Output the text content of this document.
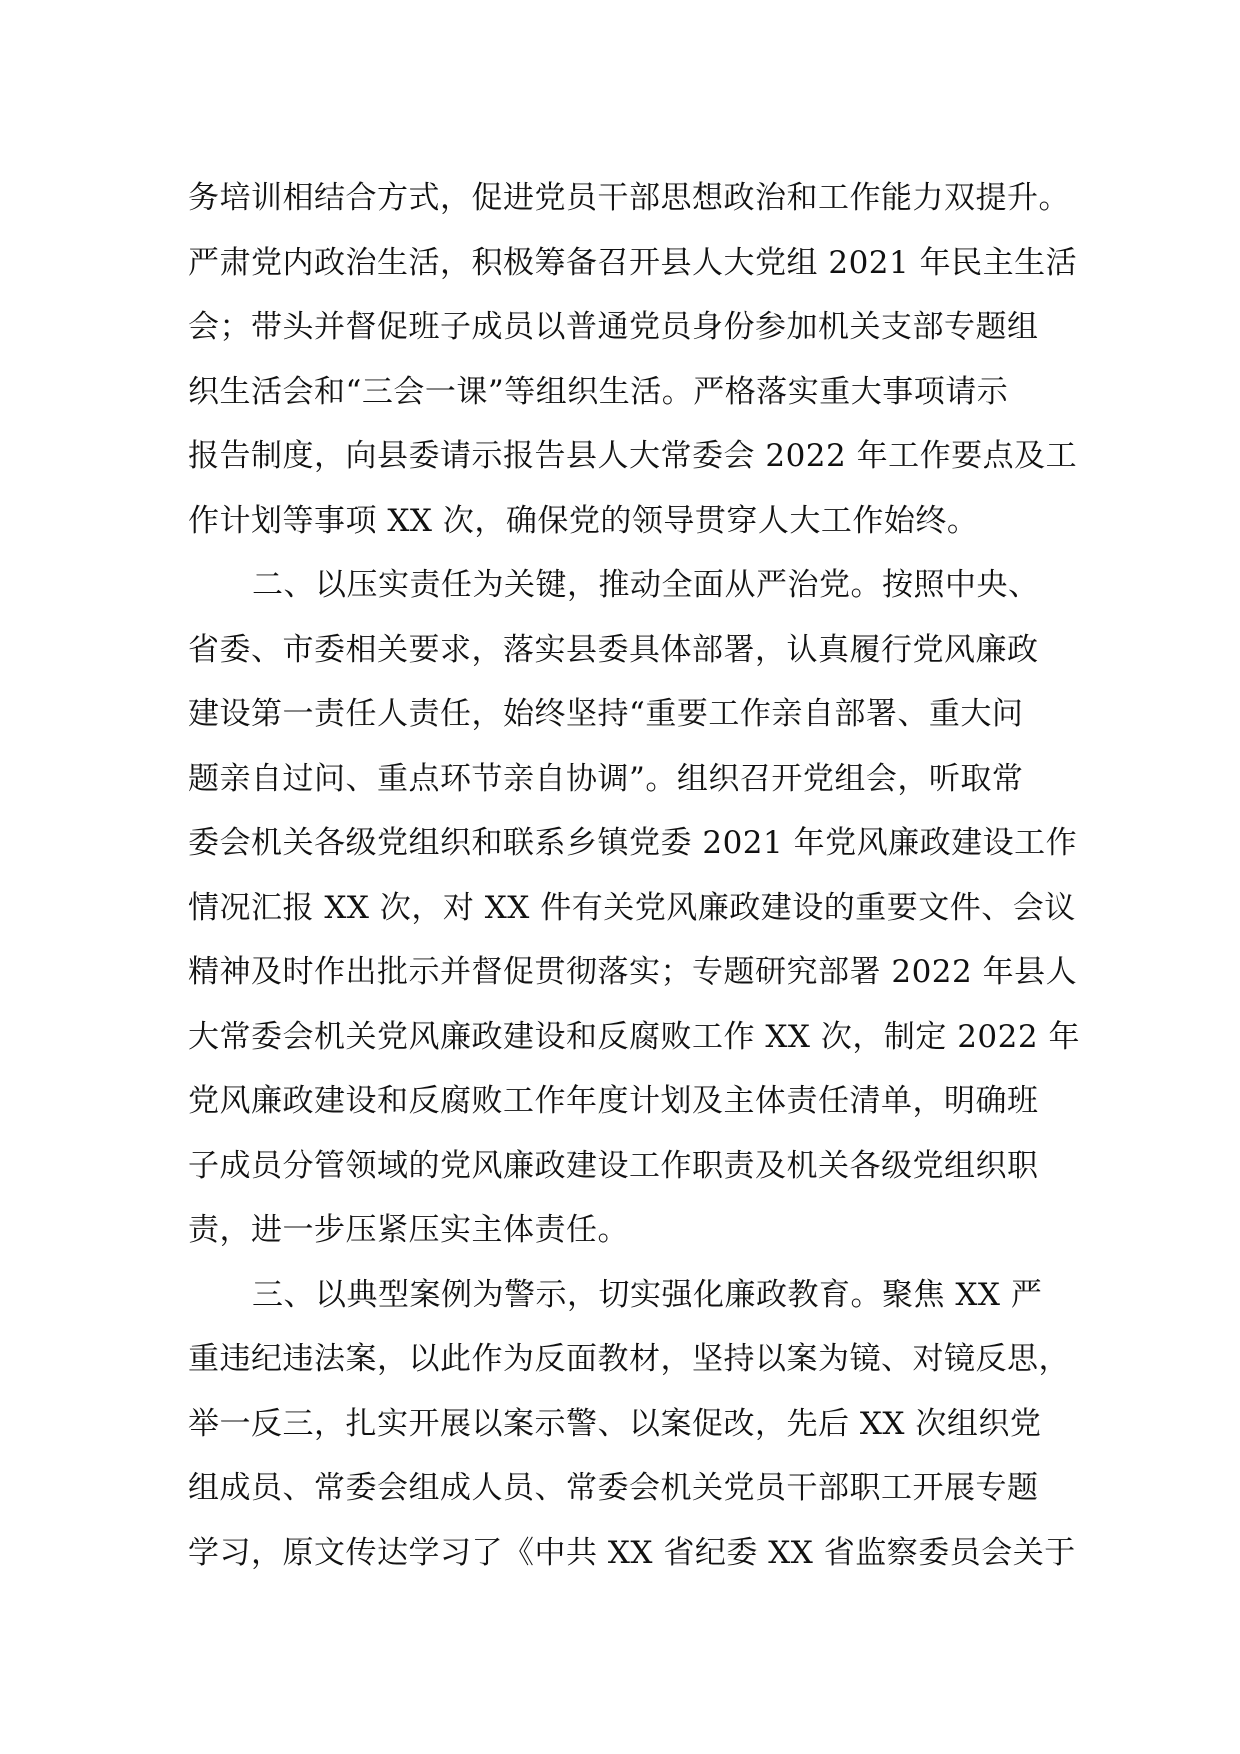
务培训相结合方式，促进党员干部思想政治和工作能力双提升。
严肃党内政治生活，积极筹备召开县人大党组 2021 年民主生活
会；带头并督促班子成员以普通党员身份参加机关支部专题组
织生活会和“三会一课”等组织生活。严格落实重大事项请示
报告制度，向县委请示报告县人大常委会 2022 年工作要点及工
作计划等事项 XX 次，确保党的领导贯穿人大工作始终。
二、以压实责任为关键，推动全面从严治党。按照中央、
省委、市委相关要求，落实县委具体部署，认真履行党风廉政
建设第一责任人责任，始终坚持“重要工作亲自部署、重大问
题亲自过问、重点环节亲自协调”。组织召开党组会，听取常
委会机关各级党组织和联系乡镇党委 2021 年党风廉政建设工作
情况汇报 XX 次，对 XX 件有关党风廉政建设的重要文件、会议
精神及时作出批示并督促贯彻落实；专题研究部署 2022 年县人
大常委会机关党风廉政建设和反腐败工作 XX 次，制定 2022 年
党风廉政建设和反腐败工作年度计划及主体责任清单，明确班
子成员分管领域的党风廉政建设工作职责及机关各级党组织职
责，进一步压紧压实主体责任。
三、以典型案例为警示，切实强化廉政教育。聚焦 XX 严
重违纪违法案，以此作为反面教材，坚持以案为镜、对镜反思，
举一反三，扎实开展以案示警、以案促改，先后 XX 次组织党
组成员、常委会组成人员、常委会机关党员干部职工开展专题
学习，原文传达学习了《中共 XX 省纪委 XX 省监察委员会关于
